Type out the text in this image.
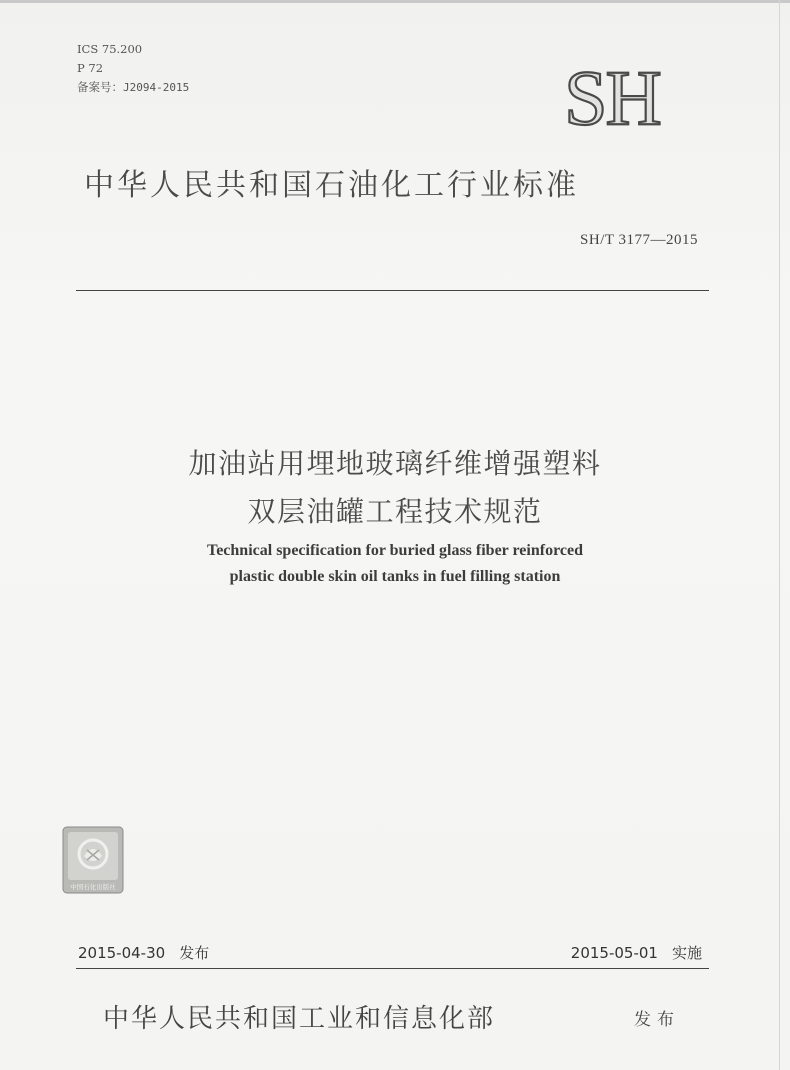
ICS 75.200
P 72
备案号：J2094-2015	SH
中华人民共和国石油化工行业标准
SH/T 3177—2015
加油站用埋地玻璃纤维增强塑料
双层油罐工程技术规范
Technical specification for buried glass fiber reinforced
plastic double skin oil tanks in fuel filling station
中国石化出版社
2015-04-30 发布	2015-05-01 实施
中华人民共和国工业和信息化部	发布
